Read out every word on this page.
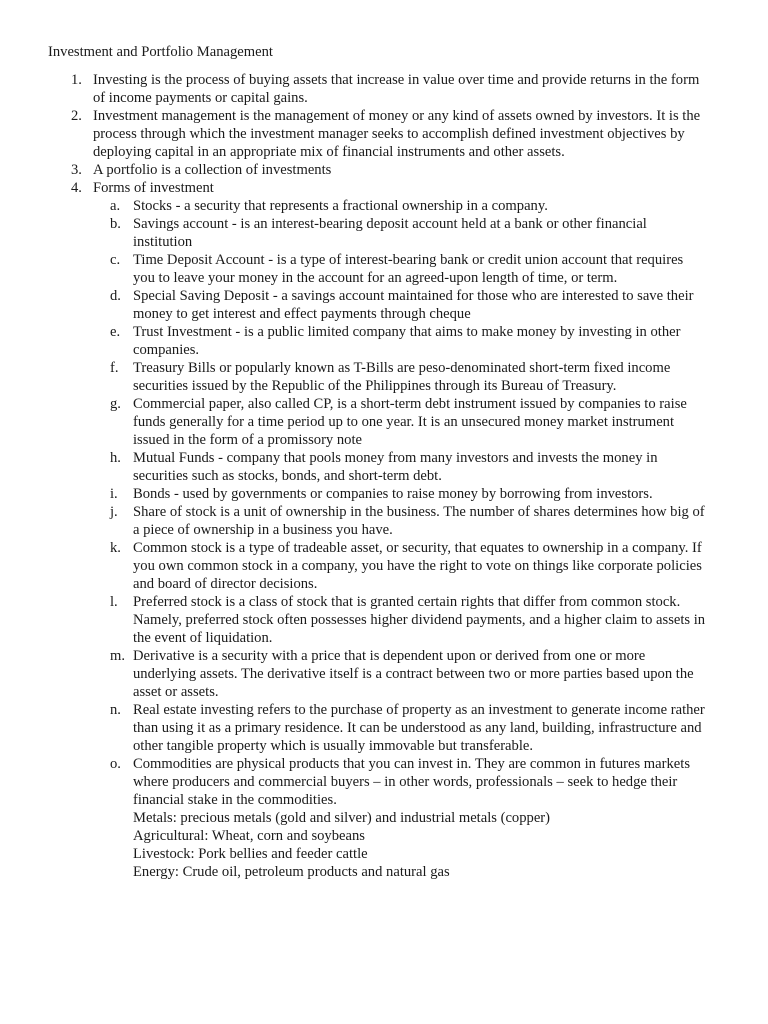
Investment and Portfolio Management
1. Investing is the process of buying assets that increase in value over time and provide returns in the form of income payments or capital gains.
2. Investment management is the management of money or any kind of assets owned by investors. It is the process through which the investment manager seeks to accomplish defined investment objectives by deploying capital in an appropriate mix of financial instruments and other assets.
3. A portfolio is a collection of investments
4. Forms of investment
a. Stocks - a security that represents a fractional ownership in a company.
b. Savings account - is an interest-bearing deposit account held at a bank or other financial institution
c. Time Deposit Account - is a type of interest-bearing bank or credit union account that requires you to leave your money in the account for an agreed-upon length of time, or term.
d. Special Saving Deposit - a savings account maintained for those who are interested to save their money to get interest and effect payments through cheque
e. Trust Investment - is a public limited company that aims to make money by investing in other companies.
f. Treasury Bills or popularly known as T-Bills are peso-denominated short-term fixed income securities issued by the Republic of the Philippines through its Bureau of Treasury.
g. Commercial paper, also called CP, is a short-term debt instrument issued by companies to raise funds generally for a time period up to one year. It is an unsecured money market instrument issued in the form of a promissory note
h. Mutual Funds - company that pools money from many investors and invests the money in securities such as stocks, bonds, and short-term debt.
i. Bonds - used by governments or companies to raise money by borrowing from investors.
j. Share of stock is a unit of ownership in the business. The number of shares determines how big of a piece of ownership in a business you have.
k. Common stock is a type of tradeable asset, or security, that equates to ownership in a company. If you own common stock in a company, you have the right to vote on things like corporate policies and board of director decisions.
l. Preferred stock is a class of stock that is granted certain rights that differ from common stock. Namely, preferred stock often possesses higher dividend payments, and a higher claim to assets in the event of liquidation.
m. Derivative is a security with a price that is dependent upon or derived from one or more underlying assets. The derivative itself is a contract between two or more parties based upon the asset or assets.
n. Real estate investing refers to the purchase of property as an investment to generate income rather than using it as a primary residence. It can be understood as any land, building, infrastructure and other tangible property which is usually immovable but transferable.
o. Commodities are physical products that you can invest in. They are common in futures markets where producers and commercial buyers – in other words, professionals – seek to hedge their financial stake in the commodities.
Metals: precious metals (gold and silver) and industrial metals (copper)
Agricultural: Wheat, corn and soybeans
Livestock: Pork bellies and feeder cattle
Energy: Crude oil, petroleum products and natural gas
